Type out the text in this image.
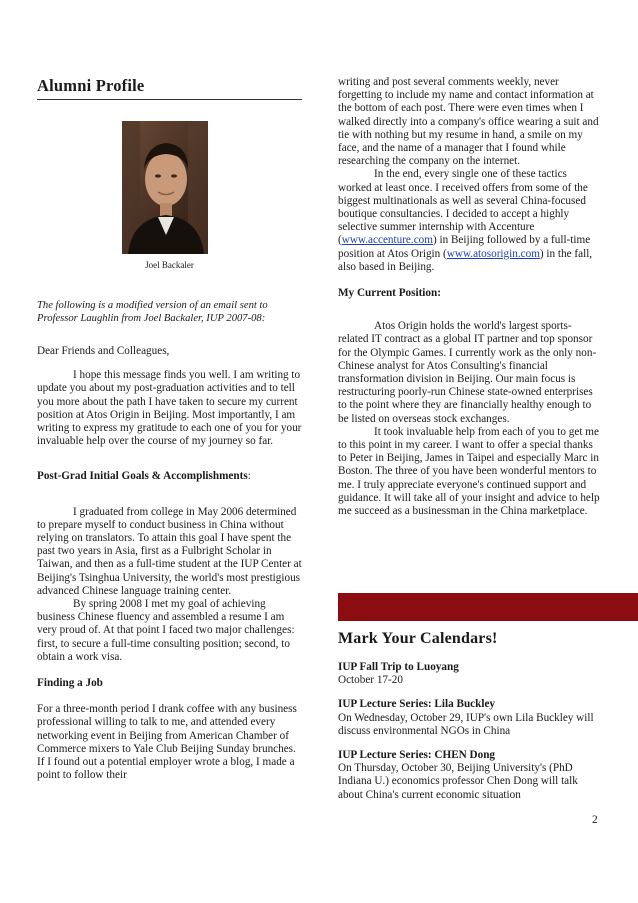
Alumni Profile
Joel Backaler

The following is a modified version of an email sent to Professor Laughlin from Joel Backaler, IUP 2007-08:

Dear Friends and Colleagues,

I hope this message finds you well. I am writing to update you about my post-graduation activities and to tell you more about the path I have taken to secure my current position at Atos Origin in Beijing. Most importantly, I am writing to express my gratitude to each one of you for your invaluable help over the course of my journey so far.

Post-Grad Initial Goals & Accomplishments:

I graduated from college in May 2006 determined to prepare myself to conduct business in China without relying on translators. To attain this goal I have spent the past two years in Asia, first as a Fulbright Scholar in Taiwan, and then as a full-time student at the IUP Center at Beijing's Tsinghua University, the world's most prestigious advanced Chinese language training center.

By spring 2008 I met my goal of achieving business Chinese fluency and assembled a resume I am very proud of. At that point I faced two major challenges: first, to secure a full-time consulting position; second, to obtain a work visa.

Finding a Job

For a three-month period I drank coffee with any business professional willing to talk to me, and attended every networking event in Beijing from American Chamber of Commerce mixers to Yale Club Beijing Sunday brunches. If I found out a potential employer wrote a blog, I made a point to follow their

writing and post several comments weekly, never forgetting to include my name and contact information at the bottom of each post. There were even times when I walked directly into a company's office wearing a suit and tie with nothing but my resume in hand, a smile on my face, and the name of a manager that I found while researching the company on the internet.

In the end, every single one of these tactics worked at least once. I received offers from some of the biggest multinationals as well as several China-focused boutique consultancies. I decided to accept a highly selective summer internship with Accenture (www.accenture.com) in Beijing followed by a full-time position at Atos Origin (www.atosorigin.com) in the fall, also based in Beijing.

My Current Position:

Atos Origin holds the world's largest sports-related IT contract as a global IT partner and top sponsor for the Olympic Games. I currently work as the only non-Chinese analyst for Atos Consulting's financial transformation division in Beijing. Our main focus is restructuring poorly-run Chinese state-owned enterprises to the point where they are financially healthy enough to be listed on overseas stock exchanges.

It took invaluable help from each of you to get me to this point in my career. I want to offer a special thanks to Peter in Beijing, James in Taipei and especially Marc in Boston. The three of you have been wonderful mentors to me. I truly appreciate everyone's continued support and guidance. It will take all of your insight and advice to help me succeed as a businessman in the China marketplace.

Mark Your Calendars!

IUP Fall Trip to Luoyang

October 17-20

IUP Lecture Series: Lila Buckley

On Wednesday, October 29, IUP's own Lila Buckley will discuss environmental NGOs in China

IUP Lecture Series: CHEN Dong

On Thursday, October 30, Beijing University's (PhD Indiana U.) economics professor Chen Dong will talk about China's current economic situation

2
